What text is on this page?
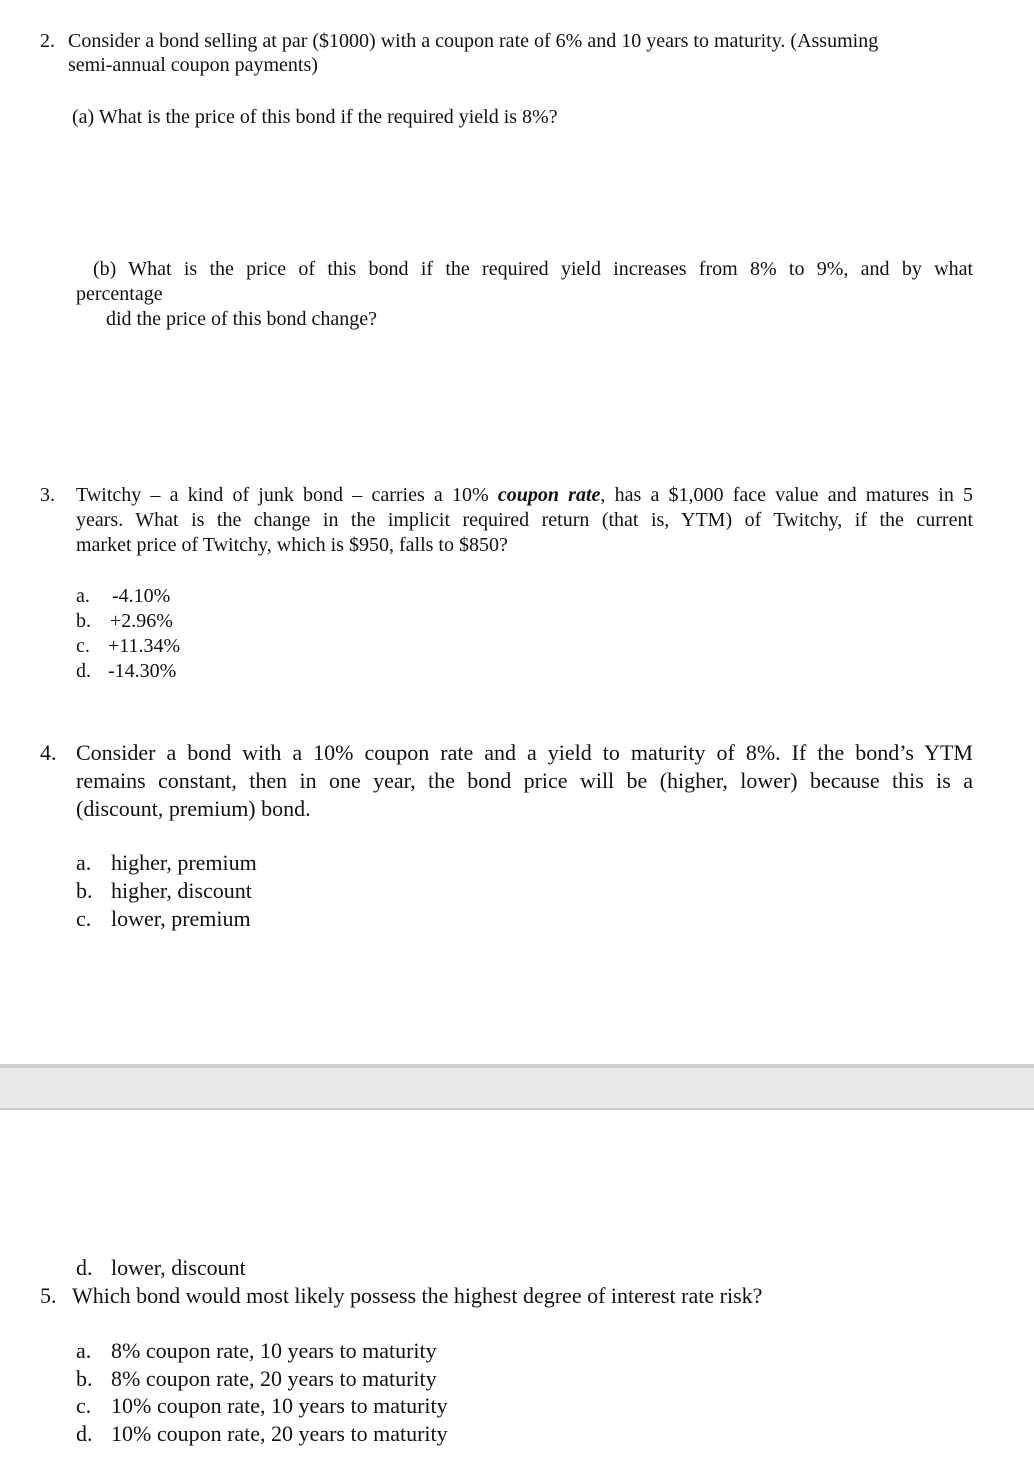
2. Consider a bond selling at par ($1000) with a coupon rate of 6% and 10 years to maturity. (Assuming
semi-annual coupon payments)
(a) What is the price of this bond if the required yield is 8%?
(b) What is the price of this bond if the required yield increases from 8% to 9%, and by what
percentage
did the price of this bond change?
3. Twitchy – a kind of junk bond – carries a 10% coupon rate, has a $1,000 face value and matures in 5
years. What is the change in the implicit required return (that is, YTM) of Twitchy, if the current
market price of Twitchy, which is $950, falls to $850?
a. -4.10%
b. +2.96%
c. +11.34%
d. -14.30%
4. Consider a bond with a 10% coupon rate and a yield to maturity of 8%. If the bond’s YTM
remains constant, then in one year, the bond price will be (higher, lower) because this is a
(discount, premium) bond.
a. higher, premium
b. higher, discount
c. lower, premium
d. lower, discount
5. Which bond would most likely possess the highest degree of interest rate risk?
a. 8% coupon rate, 10 years to maturity
b. 8% coupon rate, 20 years to maturity
c. 10% coupon rate, 10 years to maturity
d. 10% coupon rate, 20 years to maturity
